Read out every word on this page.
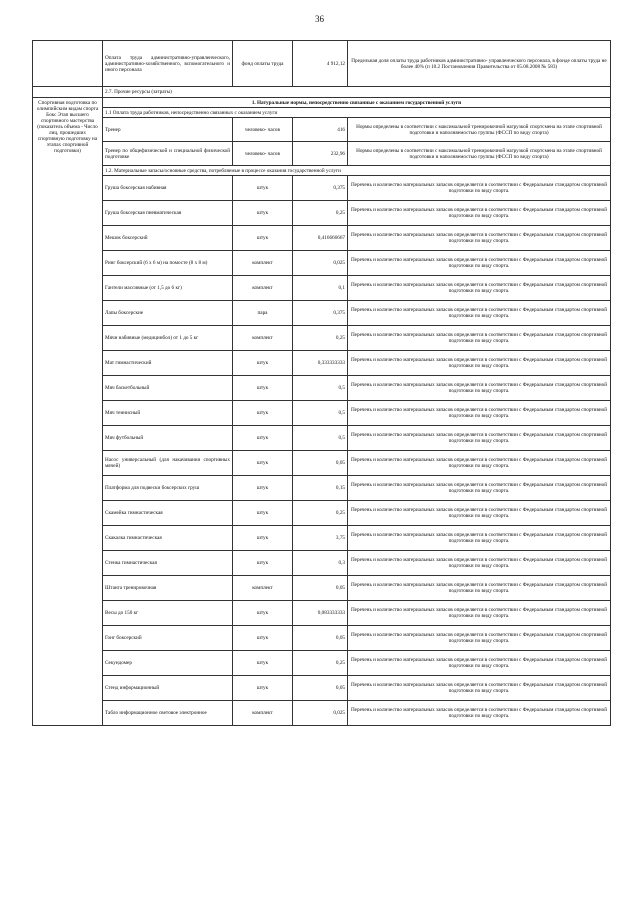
36
	Оплата труда административно-управленческого, административно-хозяйственного, вспомогательного и иного персонала	фонд оплаты труда	4 912,12	Предельная доля оплаты труда работников административно- управленческого персонала, в фонде оплаты труда не более 40% (п 10.2 Постановления Правительства от 05.08.2008 № 583)
	2.7. Прочие ресурсы (затраты)			
Спортивная подготовка по олимпийским видам спорта Бокс Этап высшего спортивного мастерства (показатель объема - Число лиц, прошедших спортивную подготовку на этапах спортивной подготовки)	1. Натуральные нормы, непосредственно связанные с оказанием государственной услуги			
	1.1 Оплата труда работников, непосредственно связанных с оказанием услуги			
	Тренер	человеко- часов	416	Нормы определены в соответствии с максимальной тренировочной нагрузкой спортсмена на этапе спортивной подготовки и наполняемостью группы (ФССП по виду спорта)
	Тренер по общефизической и специальной физической подготовке	человеко- часов	232,96	Нормы определены в соответствии с максимальной тренировочной нагрузкой спортсмена на этапе спортивной подготовки и наполняемостью группы (ФССП по виду спорта)
	1.2. Материальные запасы/основные средства, потребляемые в процессе оказания государственной услуги			
	Груша боксерская набивная	штук	0,375	Перечень и количество материальных запасов определяется в соответствии с Федеральным стандартом спортивной подготовки по виду спорта.
	Груша боксерская пневматическая	штук	0,25	Перечень и количество материальных запасов определяется в соответствии с Федеральным стандартом спортивной подготовки по виду спорта.
	Мешок боксерский	штук	0,416666667	Перечень и количество материальных запасов определяется в соответствии с Федеральным стандартом спортивной подготовки по виду спорта.
	Ринг боксерский (6 х 6 м) на помосте (8 х 8 м)	комплект	0,025	Перечень и количество материальных запасов определяется в соответствии с Федеральным стандартом спортивной подготовки по виду спорта.
	Гантели массивные (от 1,5 до 6 кг)	комплект	0,1	Перечень и количество материальных запасов определяется в соответствии с Федеральным стандартом спортивной подготовки по виду спорта.
	Лапы боксерские	пара	0,375	Перечень и количество материальных запасов определяется в соответствии с Федеральным стандартом спортивной подготовки по виду спорта.
	Мячи набивные (медицинбол) от 1 до 5 кг	комплект	0,25	Перечень и количество материальных запасов определяется в соответствии с Федеральным стандартом спортивной подготовки по виду спорта.
	Мат гимнастический	штук	0,333333333	Перечень и количество материальных запасов определяется в соответствии с Федеральным стандартом спортивной подготовки по виду спорта.
	Мяч баскетбольный	штук	0,5	Перечень и количество материальных запасов определяется в соответствии с Федеральным стандартом спортивной подготовки по виду спорта.
	Мяч теннисный	штук	0,5	Перечень и количество материальных запасов определяется в соответствии с Федеральным стандартом спортивной подготовки по виду спорта.
	Мяч футбольный	штук	0,5	Перечень и количество материальных запасов определяется в соответствии с Федеральным стандартом спортивной подготовки по виду спорта.
	Насос универсальный (для накачивания спортивных мячей)	штук	0,05	Перечень и количество материальных запасов определяется в соответствии с Федеральным стандартом спортивной подготовки по виду спорта.
	Платформа для подвески боксерских груш	штук	0,15	Перечень и количество материальных запасов определяется в соответствии с Федеральным стандартом спортивной подготовки по виду спорта.
	Скамейка гимнастическая	штук	0,25	Перечень и количество материальных запасов определяется в соответствии с Федеральным стандартом спортивной подготовки по виду спорта.
	Скакалка гимнастическая	штук	3,75	Перечень и количество материальных запасов определяется в соответствии с Федеральным стандартом спортивной подготовки по виду спорта.
	Стенка гимнастическая	штук	0,3	Перечень и количество материальных запасов определяется в соответствии с Федеральным стандартом спортивной подготовки по виду спорта.
	Штанга тренировочная	комплект	0,05	Перечень и количество материальных запасов определяется в соответствии с Федеральным стандартом спортивной подготовки по виду спорта.
	Весы до 150 кг	штук	0,083333333	Перечень и количество материальных запасов определяется в соответствии с Федеральным стандартом спортивной подготовки по виду спорта.
	Гонг боксерский	штук	0,05	Перечень и количество материальных запасов определяется в соответствии с Федеральным стандартом спортивной подготовки по виду спорта.
	Секундомер	штук	0,25	Перечень и количество материальных запасов определяется в соответствии с Федеральным стандартом спортивной подготовки по виду спорта.
	Стенд информационный	штук	0,05	Перечень и количество материальных запасов определяется в соответствии с Федеральным стандартом спортивной подготовки по виду спорта.
	Табло информационное световое электронное	комплект	0,025	Перечень и количество материальных запасов определяется в соответствии с Федеральным стандартом спортивной подготовки по виду спорта.
